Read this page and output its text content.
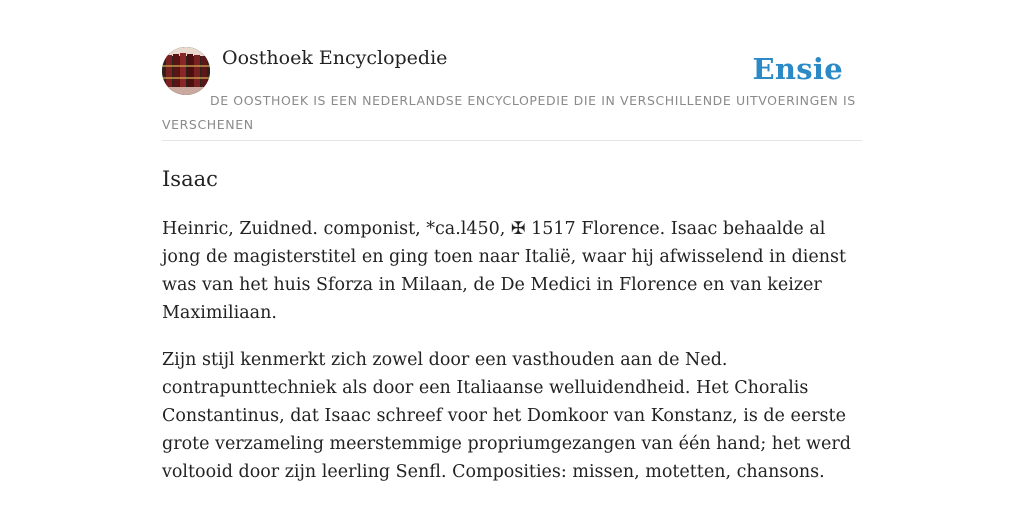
Oosthoek Encyclopedie	Ensie
DE OOSTHOEK IS EEN NEDERLANDSE ENCYCLOPEDIE DIE IN VERSCHILLENDE UITVOERINGEN IS VERSCHENEN
Isaac

Heinric, Zuidned. componist, *ca.l450, ✠ 1517 Florence. Isaac behaalde al jong de magisterstitel en ging toen naar Italië, waar hij afwisselend in dienst was van het huis Sforza in Milaan, de De Medici in Florence en van keizer Maximiliaan.

Zijn stijl kenmerkt zich zowel door een vasthouden aan de Ned. contrapunttechniek als door een Italiaanse welluidendheid. Het Choralis Constantinus, dat Isaac schreef voor het Domkoor van Konstanz, is de eerste grote verzameling meerstemmige propriumgezangen van één hand; het werd voltooid door zijn leerling Senfl. Composities: missen, motetten, chansons.
